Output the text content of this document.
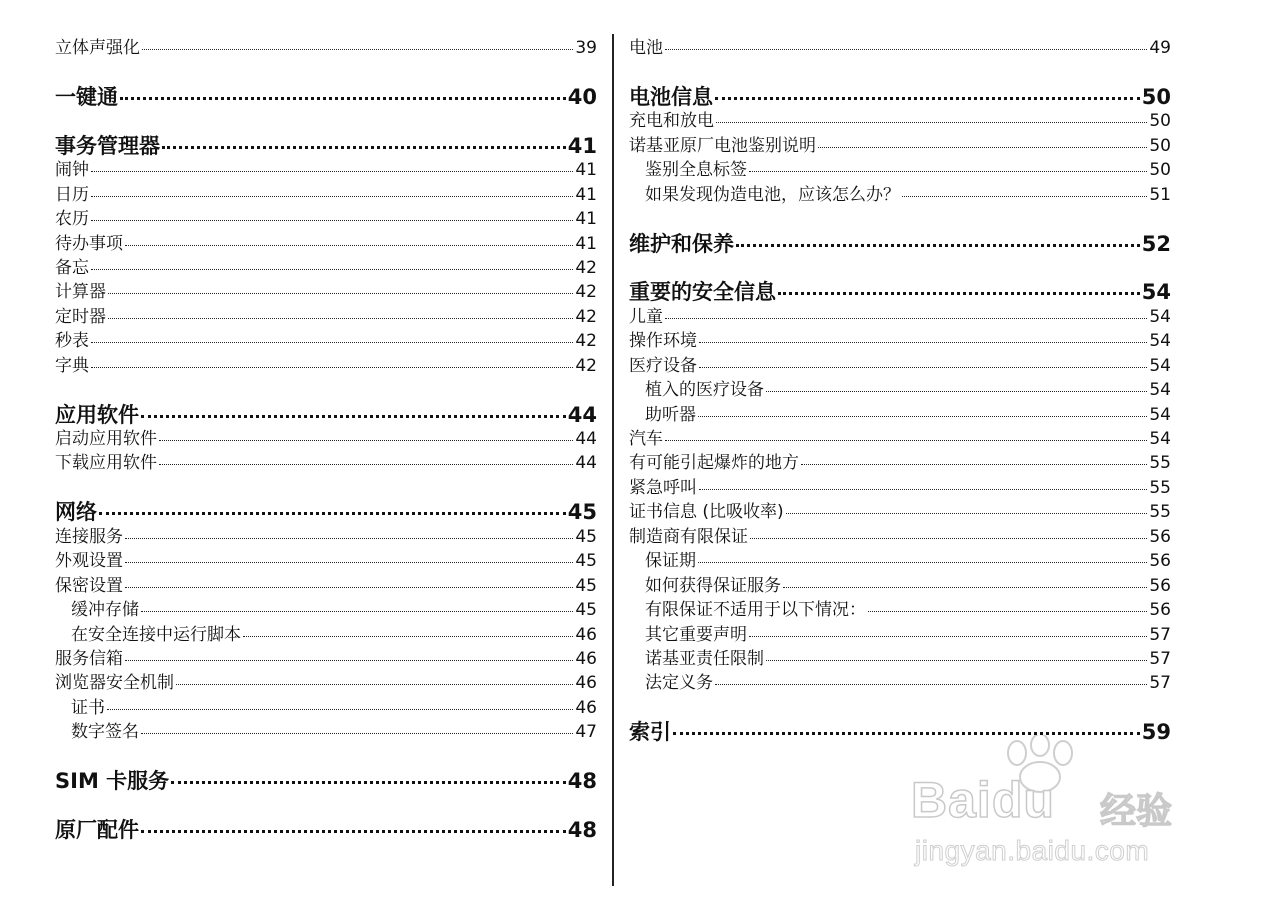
立体声强化	39
一键通	40
事务管理器	41
闹钟	41
日历	41
农历	41
待办事项	41
备忘	42
计算器	42
定时器	42
秒表	42
字典	42
应用软件	44
启动应用软件	44
下载应用软件	44
网络	45
连接服务	45
外观设置	45
保密设置	45
缓冲存储	45
在安全连接中运行脚本	46
服务信箱	46
浏览器安全机制	46
证书	46
数字签名	47
SIM 卡服务	48
原厂配件	48
电池	49
电池信息	50
充电和放电	50
诺基亚原厂电池鉴别说明	50
鉴别全息标签	50
如果发现伪造电池，应该怎么办？	51
维护和保养	52
重要的安全信息	54
儿童	54
操作环境	54
医疗设备	54
植入的医疗设备	54
助听器	54
汽车	54
有可能引起爆炸的地方	55
紧急呼叫	55
证书信息 (比吸收率)	55
制造商有限保证	56
保证期	56
如何获得保证服务	56
有限保证不适用于以下情况：	56
其它重要声明	57
诺基亚责任限制	57
法定义务	57
索引	59
Baidu 经验
jingyan.baidu.com
